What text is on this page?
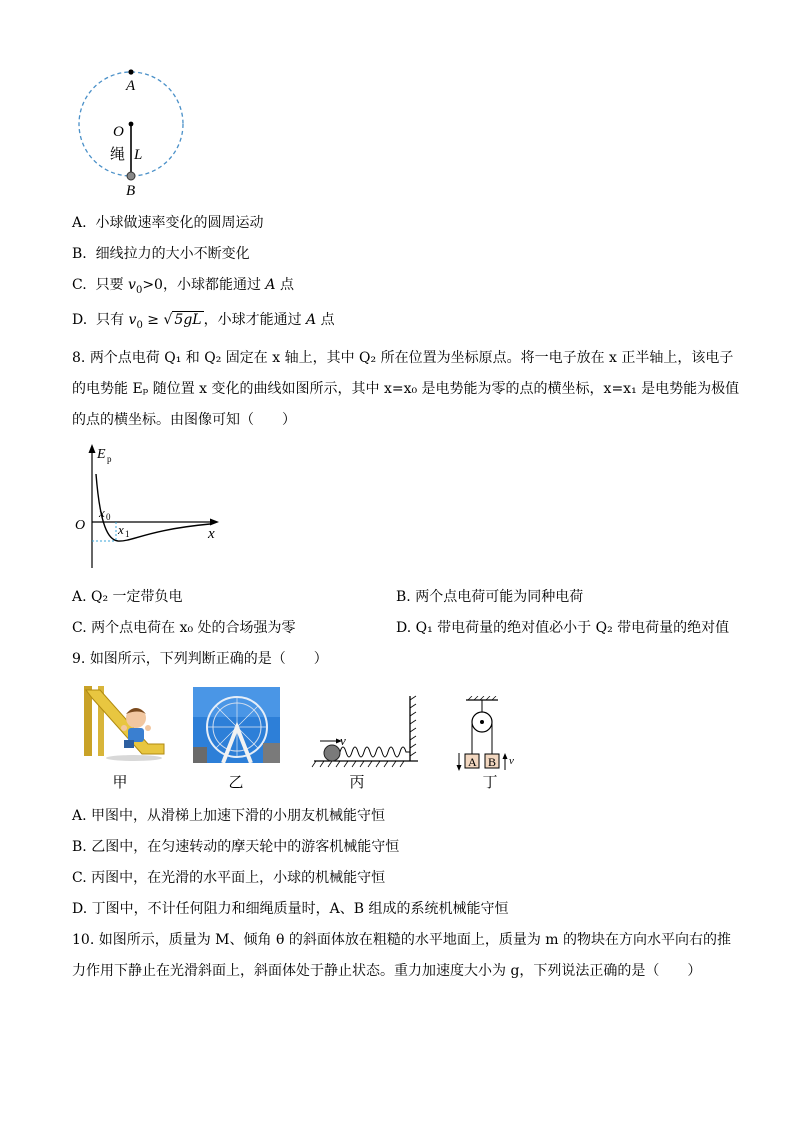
A
O
绳 L
B
A. 小球做速率变化的圆周运动
B. 细线拉力的大小不断变化
C. 只要 $v_0>0$，小球都能通过 A 点
D. 只有 $v_0$ ≥ √ 5gL ，小球才能通过 A 点
8. 两个点电荷 Q₁ 和 Q₂ 固定在 x 轴上，其中 Q₂ 所在位置为坐标原点。将一电子放在 x 正半轴上，该电子
的电势能 Eₚ 随位置 x 变化的曲线如图所示，其中 x=x₀ 是电势能为零的点的横坐标，x=x₁ 是电势能为极值
的点的横坐标。由图像可知（　　）
E p
x
O
x 0
x 1
A. Q₂ 一定带负电	B. 两个点电荷可能为同种电荷
C. 两个点电荷在 x₀ 处的合场强为零	D. Q₁ 带电荷量的绝对值必小于 Q₂ 带电荷量的绝对值
9. 如图所示，下列判断正确的是（　　）
v
A B v
甲	乙	丙	丁
A. 甲图中，从滑梯上加速下滑的小朋友机械能守恒
B. 乙图中，在匀速转动的摩天轮中的游客机械能守恒
C. 丙图中，在光滑的水平面上，小球的机械能守恒
D. 丁图中，不计任何阻力和细绳质量时，A、B 组成的系统机械能守恒
10. 如图所示，质量为 M、倾角 θ 的斜面体放在粗糙的水平地面上，质量为 m 的物块在方向水平向右的推
力作用下静止在光滑斜面上，斜面体处于静止状态。重力加速度大小为 g，下列说法正确的是（　　）
